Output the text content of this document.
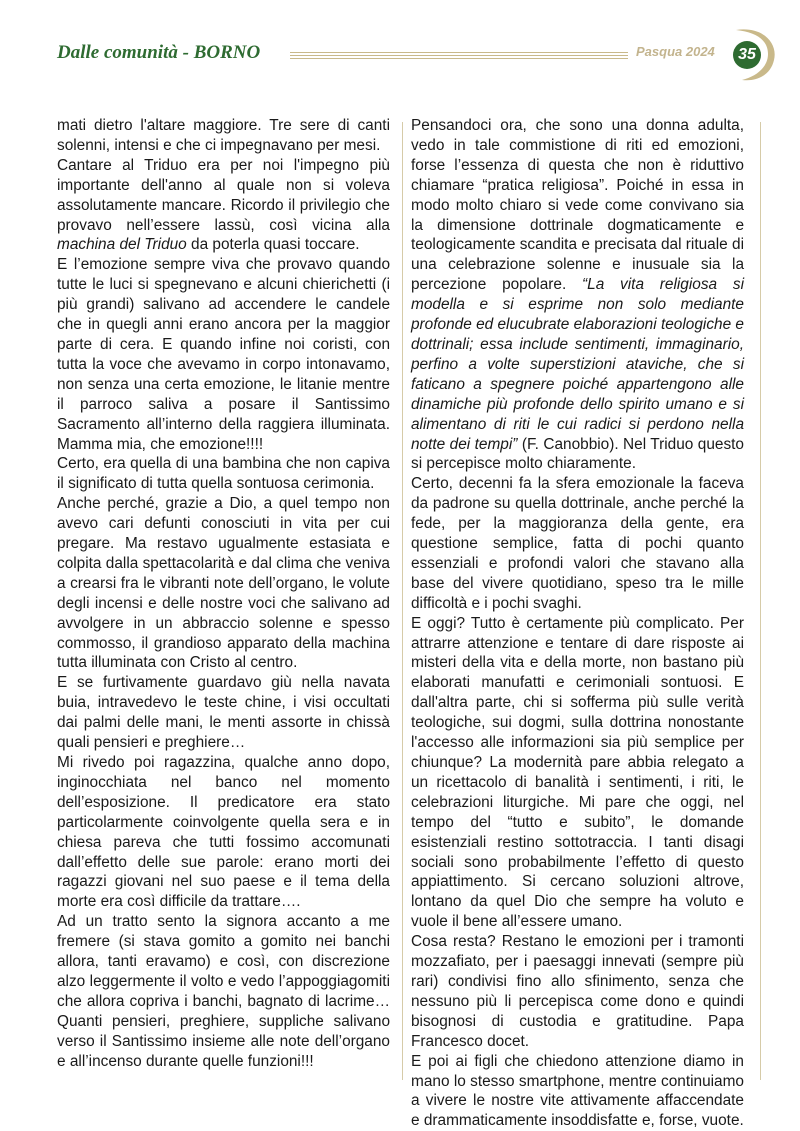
Dalle comunità - BORNO	Pasqua 2024	35

mati dietro l'altare maggiore. Tre sere di canti solenni, intensi e che ci impegnavano per mesi.

Cantare al Triduo era per noi l'impegno più importante dell'anno al quale non si voleva assolutamente mancare. Ricordo il privilegio che provavo nell’essere lassù, così vicina alla machina del Triduo da poterla quasi toccare.

E l’emozione sempre viva che provavo quando tutte le luci si spegnevano e alcuni chierichetti (i più grandi) salivano ad accendere le candele che in quegli anni erano ancora per la maggior parte di cera. E quando infine noi coristi, con tutta la voce che avevamo in corpo intonavamo, non senza una certa emozione, le litanie mentre il parroco saliva a posare il Santissimo Sacramento all’interno della raggiera illuminata. Mamma mia, che emozione!!!!

Certo, era quella di una bambina che non capiva il significato di tutta quella sontuosa cerimonia.

Anche perché, grazie a Dio, a quel tempo non avevo cari defunti conosciuti in vita per cui pregare. Ma restavo ugualmente estasiata e colpita dalla spettacolarità e dal clima che veniva a crearsi fra le vibranti note dell’organo, le volute degli incensi e delle nostre voci che salivano ad avvolgere in un abbraccio solenne e spesso commosso, il grandioso apparato della machina tutta illuminata con Cristo al centro.

E se furtivamente guardavo giù nella navata buia, intravedevo le teste chine, i visi occultati dai palmi delle mani, le menti assorte in chissà quali pensieri e preghiere…

Mi rivedo poi ragazzina, qualche anno dopo, inginocchiata nel banco nel momento dell’esposizione. Il predicatore era stato particolarmente coinvolgente quella sera e in chiesa pareva che tutti fossimo accomunati dall’effetto delle sue parole: erano morti dei ragazzi giovani nel suo paese e il tema della morte era così difficile da trattare….

Ad un tratto sento la signora accanto a me fremere (si stava gomito a gomito nei banchi allora, tanti eravamo) e così, con discrezione alzo leggermente il volto e vedo l’appoggiagomiti che allora copriva i banchi, bagnato di lacrime… Quanti pensieri, preghiere, suppliche salivano verso il Santissimo insieme alle note dell’organo e all’incenso durante quelle funzioni!!!

Pensandoci ora, che sono una donna adulta, vedo in tale commistione di riti ed emozioni, forse l’essenza di questa che non è riduttivo chiamare “pratica religiosa”. Poiché in essa in modo molto chiaro si vede come convivano sia la dimensione dottrinale dogmaticamente e teologicamente scandita e precisata dal rituale di una celebrazione solenne e inusuale sia la percezione popolare. “La vita religiosa si modella e si esprime non solo mediante profonde ed elucubrate elaborazioni teologiche e dottrinali; essa include sentimenti, immaginario, perfino a volte superstizioni ataviche, che si faticano a spegnere poiché appartengono alle dinamiche più profonde dello spirito umano e si alimentano di riti le cui radici si perdono nella notte dei tempi” (F. Canobbio). Nel Triduo questo si percepisce molto chiaramente.

Certo, decenni fa la sfera emozionale la faceva da padrone su quella dottrinale, anche perché la fede, per la maggioranza della gente, era questione semplice, fatta di pochi quanto essenziali e profondi valori che stavano alla base del vivere quotidiano, speso tra le mille difficoltà e i pochi svaghi.

E oggi? Tutto è certamente più complicato. Per attrarre attenzione e tentare di dare risposte ai misteri della vita e della morte, non bastano più elaborati manufatti e cerimoniali sontuosi. E dall'altra parte, chi si sofferma più sulle verità teologiche, sui dogmi, sulla dottrina nonostante l'accesso alle informazioni sia più semplice per chiunque? La modernità pare abbia relegato a un ricettacolo di banalità i sentimenti, i riti, le celebrazioni liturgiche. Mi pare che oggi, nel tempo del “tutto e subito”, le domande esistenziali restino sottotraccia. I tanti disagi sociali sono probabilmente l’effetto di questo appiattimento. Si cercano soluzioni altrove, lontano da quel Dio che sempre ha voluto e vuole il bene all’essere umano.

Cosa resta? Restano le emozioni per i tramonti mozzafiato, per i paesaggi innevati (sempre più rari) condivisi fino allo sfinimento, senza che nessuno più li percepisca come dono e quindi bisognosi di custodia e gratitudine. Papa Francesco docet.

E poi ai figli che chiedono attenzione diamo in mano lo stesso smartphone, mentre continuiamo a vivere le nostre vite attivamente affaccendate e drammaticamente insoddisfatte e, forse, vuote.
